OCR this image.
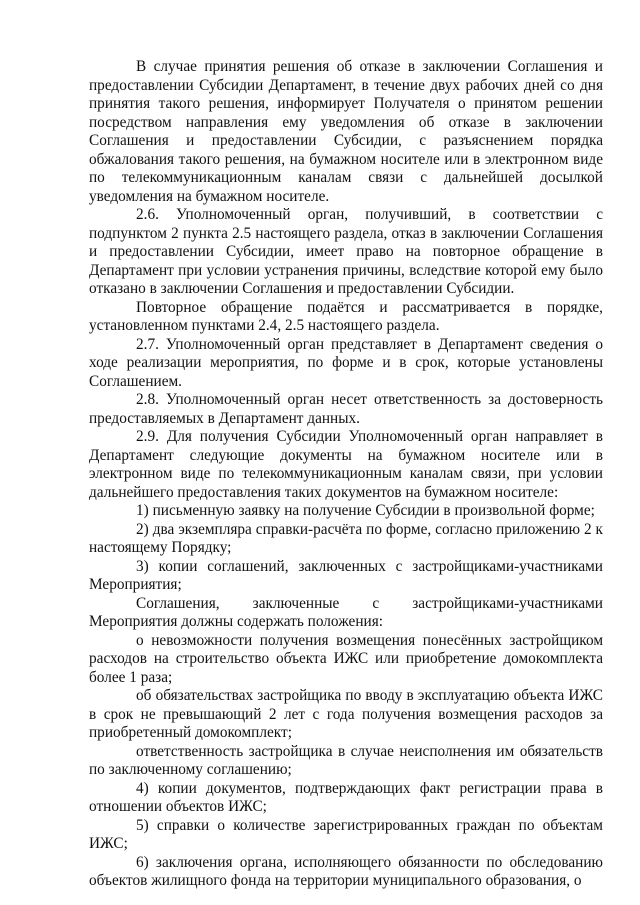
В случае принятия решения об отказе в заключении Соглашения и предоставлении Субсидии Департамент, в течение двух рабочих дней со дня принятия такого решения, информирует Получателя о принятом решении посредством направления ему уведомления об отказе в заключении Соглашения и предоставлении Субсидии, с разъяснением порядка обжалования такого решения, на бумажном носителе или в электронном виде по телекоммуникационным каналам связи с дальнейшей досылкой уведомления на бумажном носителе.

2.6. Уполномоченный орган, получивший, в соответствии с подпунктом 2 пункта 2.5 настоящего раздела, отказ в заключении Соглашения и предоставлении Субсидии, имеет право на повторное обращение в Департамент при условии устранения причины, вследствие которой ему было отказано в заключении Соглашения и предоставлении Субсидии.

Повторное обращение подаётся и рассматривается в порядке, установленном пунктами 2.4, 2.5 настоящего раздела.

2.7. Уполномоченный орган представляет в Департамент сведения о ходе реализации мероприятия, по форме и в срок, которые установлены Соглашением.

2.8. Уполномоченный орган несет ответственность за достоверность предоставляемых в Департамент данных.

2.9. Для получения Субсидии Уполномоченный орган направляет в Департамент следующие документы на бумажном носителе или в электронном виде по телекоммуникационным каналам связи, при условии дальнейшего предоставления таких документов на бумажном носителе:

1) письменную заявку на получение Субсидии в произвольной форме;

2) два экземпляра справки-расчёта по форме, согласно приложению 2 к настоящему Порядку;

3) копии соглашений, заключенных с застройщиками-участниками Мероприятия;

Соглашения, заключенные с застройщиками-участниками Мероприятия должны содержать положения:

о невозможности получения возмещения понесённых застройщиком расходов на строительство объекта ИЖС или приобретение домокомплекта более 1 раза;

об обязательствах застройщика по вводу в эксплуатацию объекта ИЖС в срок не превышающий 2 лет с года получения возмещения расходов за приобретенный домокомплект;

ответственность застройщика в случае неисполнения им обязательств по заключенному соглашению;

4) копии документов, подтверждающих факт регистрации права в отношении объектов ИЖС;

5) справки о количестве зарегистрированных граждан по объектам ИЖС;

6) заключения органа, исполняющего обязанности по обследованию объектов жилищного фонда на территории муниципального образования, о
